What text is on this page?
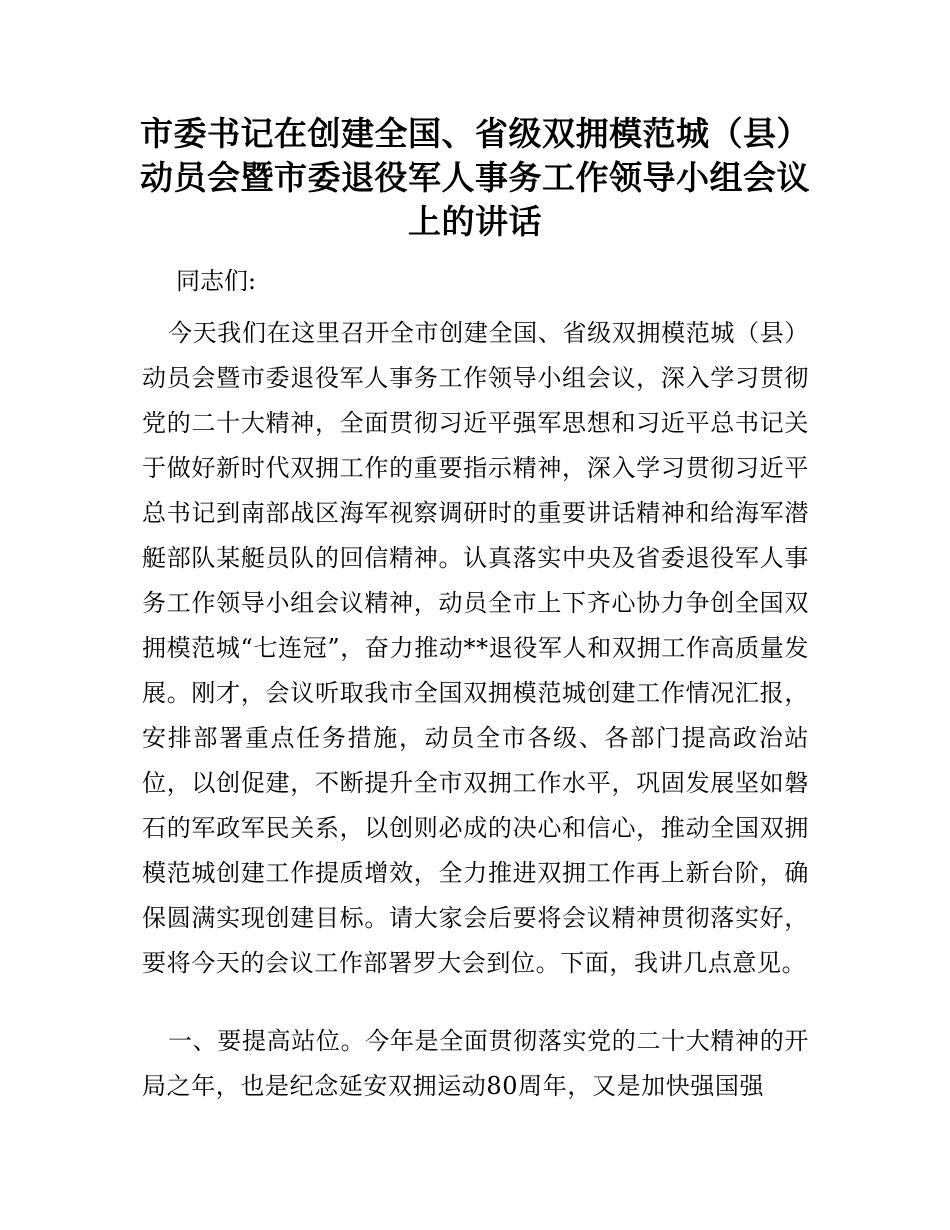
市委书记在创建全国、省级双拥模范城（县）
动员会暨市委退役军人事务工作领导小组会议
上的讲话

同志们:

今天我们在这里召开全市创建全国、省级双拥模范城（县）动员会暨市委退役军人事务工作领导小组会议，深入学习贯彻党的二十大精神，全面贯彻习近平强军思想和习近平总书记关于做好新时代双拥工作的重要指示精神，深入学习贯彻习近平总书记到南部战区海军视察调研时的重要讲话精神和给海军潜艇部队某艇员队的回信精神。认真落实中央及省委退役军人事务工作领导小组会议精神，动员全市上下齐心协力争创全国双拥模范城“七连冠”，奋力推动**退役军人和双拥工作高质量发展。刚才，会议听取我市全国双拥模范城创建工作情况汇报，安排部署重点任务措施，动员全市各级、各部门提高政治站位，以创促建，不断提升全市双拥工作水平，巩固发展坚如磐石的军政军民关系，以创则必成的决心和信心，推动全国双拥模范城创建工作提质增效，全力推进双拥工作再上新台阶，确保圆满实现创建目标。请大家会后要将会议精神贯彻落实好，要将今天的会议工作部署罗大会到位。下面，我讲几点意见。

一、要提高站位。今年是全面贯彻落实党的二十大精神的开局之年，也是纪念延安双拥运动80周年，又是加快强国强
